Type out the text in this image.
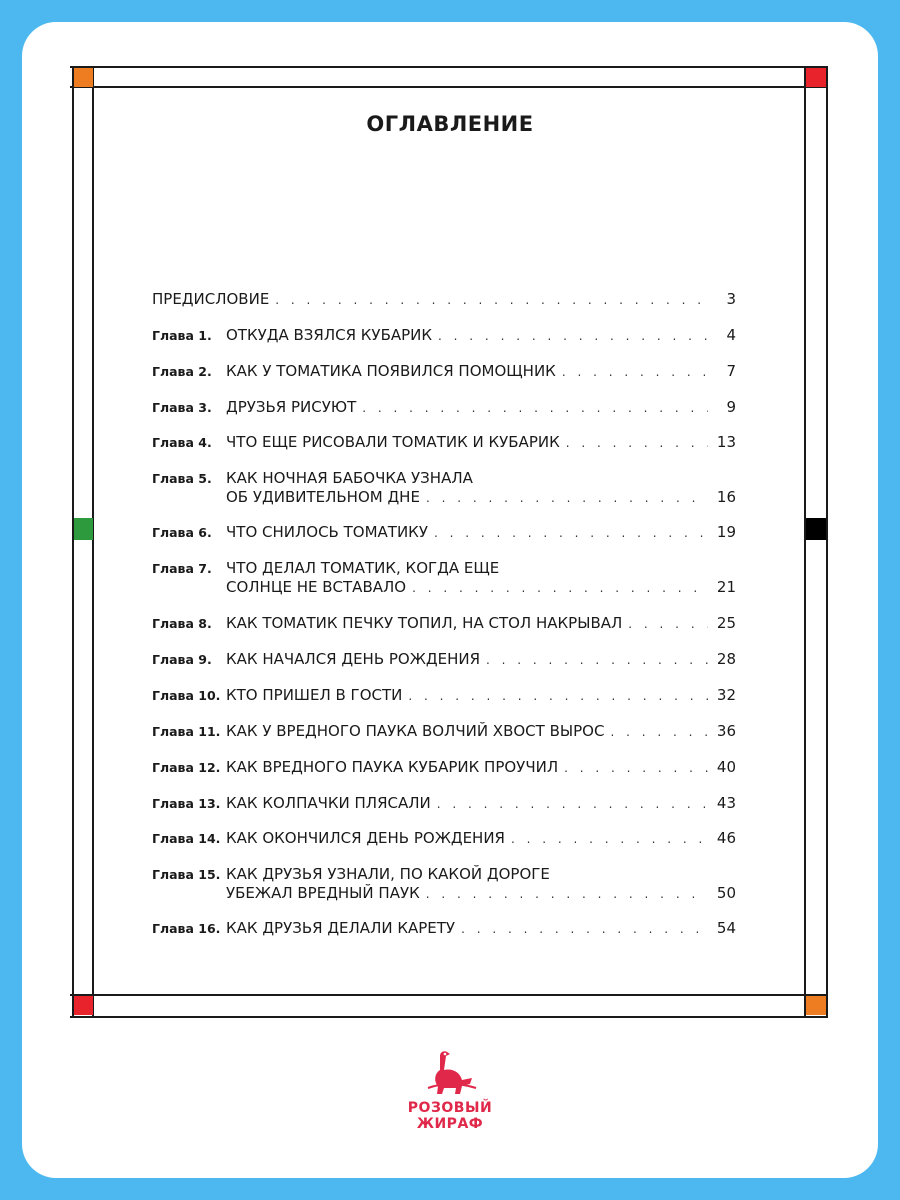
ОГЛАВЛЕНИЕ
ПРЕДИСЛОВИЕ . . .	3
Глава 1. ОТКУДА ВЗЯЛСЯ КУБАРИК . . .	4
Глава 2. КАК У ТОМАТИКА ПОЯВИЛСЯ ПОМОЩНИК . . .	7
Глава 3. ДРУЗЬЯ РИСУЮТ . . .	9
Глава 4. ЧТО ЕЩЕ РИСОВАЛИ ТОМАТИК И КУБАРИК . . .	13
Глава 5. КАК НОЧНАЯ БАБОЧКА УЗНАЛА
ОБ УДИВИТЕЛЬНОМ ДНЕ . . .	16
Глава 6. ЧТО СНИЛОСЬ ТОМАТИКУ . . .	19
Глава 7. ЧТО ДЕЛАЛ ТОМАТИК, КОГДА ЕЩЕ
СОЛНЦЕ НЕ ВСТАВАЛО . . .	21
Глава 8. КАК ТОМАТИК ПЕЧКУ ТОПИЛ, НА СТОЛ НАКРЫВАЛ . . .	25
Глава 9. КАК НАЧАЛСЯ ДЕНЬ РОЖДЕНИЯ . . .	28
Глава 10. КТО ПРИШЕЛ В ГОСТИ . . .	32
Глава 11. КАК У ВРЕДНОГО ПАУКА ВОЛЧИЙ ХВОСТ ВЫРОС . . .	36
Глава 12. КАК ВРЕДНОГО ПАУКА КУБАРИК ПРОУЧИЛ . . .	40
Глава 13. КАК КОЛПАЧКИ ПЛЯСАЛИ . . .	43
Глава 14. КАК ОКОНЧИЛСЯ ДЕНЬ РОЖДЕНИЯ . . .	46
Глава 15. КАК ДРУЗЬЯ УЗНАЛИ, ПО КАКОЙ ДОРОГЕ
УБЕЖАЛ ВРЕДНЫЙ ПАУК . . .	50
Глава 16. КАК ДРУЗЬЯ ДЕЛАЛИ КАРЕТУ . . .	54
РОЗОВЫЙ
ЖИРАФ
